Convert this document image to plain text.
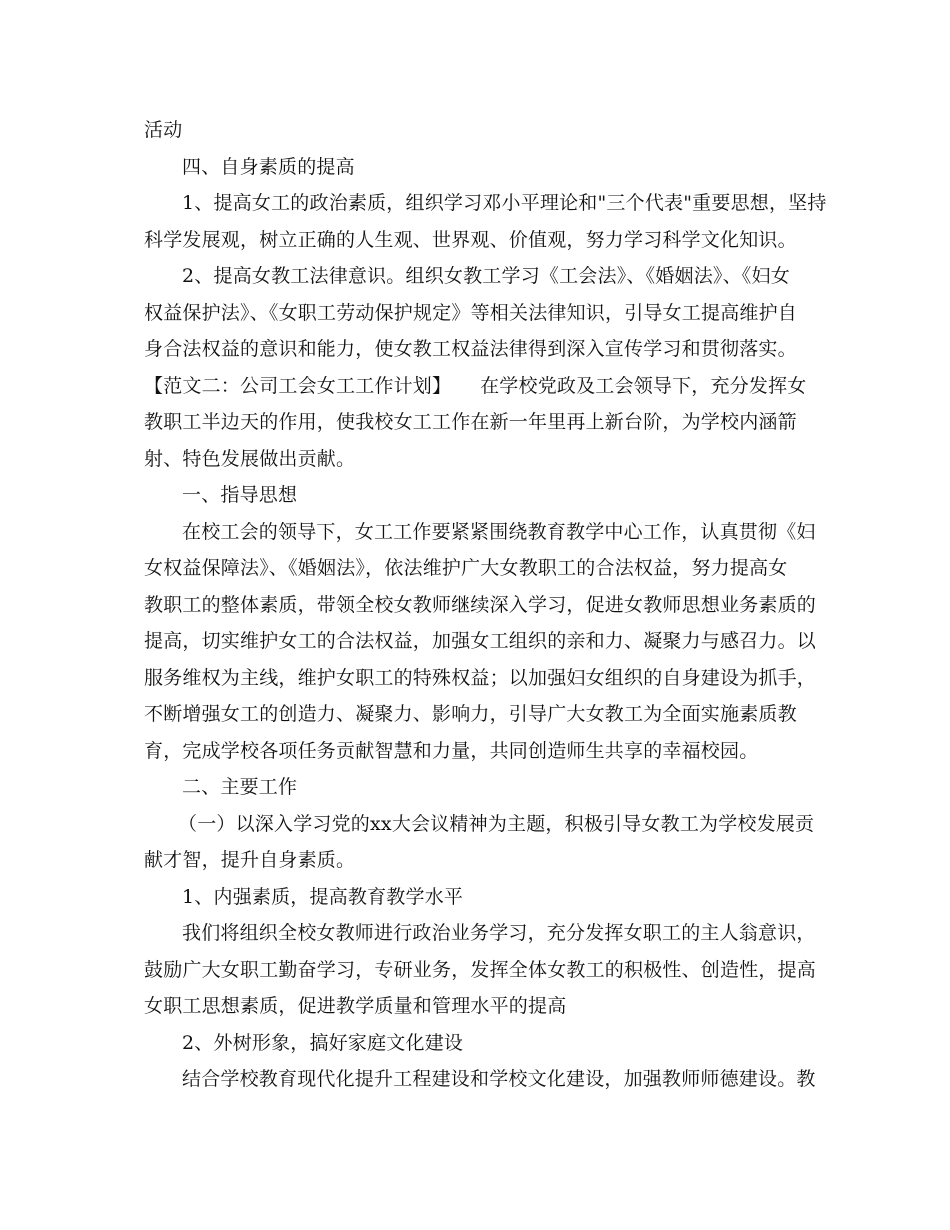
活动
四、自身素质的提高
1、提高女工的政治素质，组织学习邓小平理论和"三个代表"重要思想，坚持
科学发展观，树立正确的人生观、世界观、价值观，努力学习科学文化知识。
2、提高女教工法律意识。组织女教工学习《工会法》、《婚姻法》、《妇女
权益保护法》、《女职工劳动保护规定》等相关法律知识，引导女工提高维护自
身合法权益的意识和能力，使女教工权益法律得到深入宣传学习和贯彻落实。
【范文二：公司工会女工工作计划】　　在学校党政及工会领导下，充分发挥女
教职工半边天的作用，使我校女工工作在新一年里再上新台阶，为学校内涵箭
射、特色发展做出贡献。
一、指导思想
在校工会的领导下，女工工作要紧紧围绕教育教学中心工作，认真贯彻《妇
女权益保障法》、《婚姻法》，依法维护广大女教职工的合法权益，努力提高女
教职工的整体素质，带领全校女教师继续深入学习，促进女教师思想业务素质的
提高，切实维护女工的合法权益，加强女工组织的亲和力、凝聚力与感召力。以
服务维权为主线，维护女职工的特殊权益；以加强妇女组织的自身建设为抓手，
不断增强女工的创造力、凝聚力、影响力，引导广大女教工为全面实施素质教
育，完成学校各项任务贡献智慧和力量，共同创造师生共享的幸福校园。
二、主要工作
（一）以深入学习党的xx大会议精神为主题，积极引导女教工为学校发展贡
献才智，提升自身素质。
1、内强素质，提高教育教学水平
我们将组织全校女教师进行政治业务学习，充分发挥女职工的主人翁意识，
鼓励广大女职工勤奋学习，专研业务，发挥全体女教工的积极性、创造性，提高
女职工思想素质，促进教学质量和管理水平的提高
2、外树形象，搞好家庭文化建设
结合学校教育现代化提升工程建设和学校文化建设，加强教师师德建设。教
